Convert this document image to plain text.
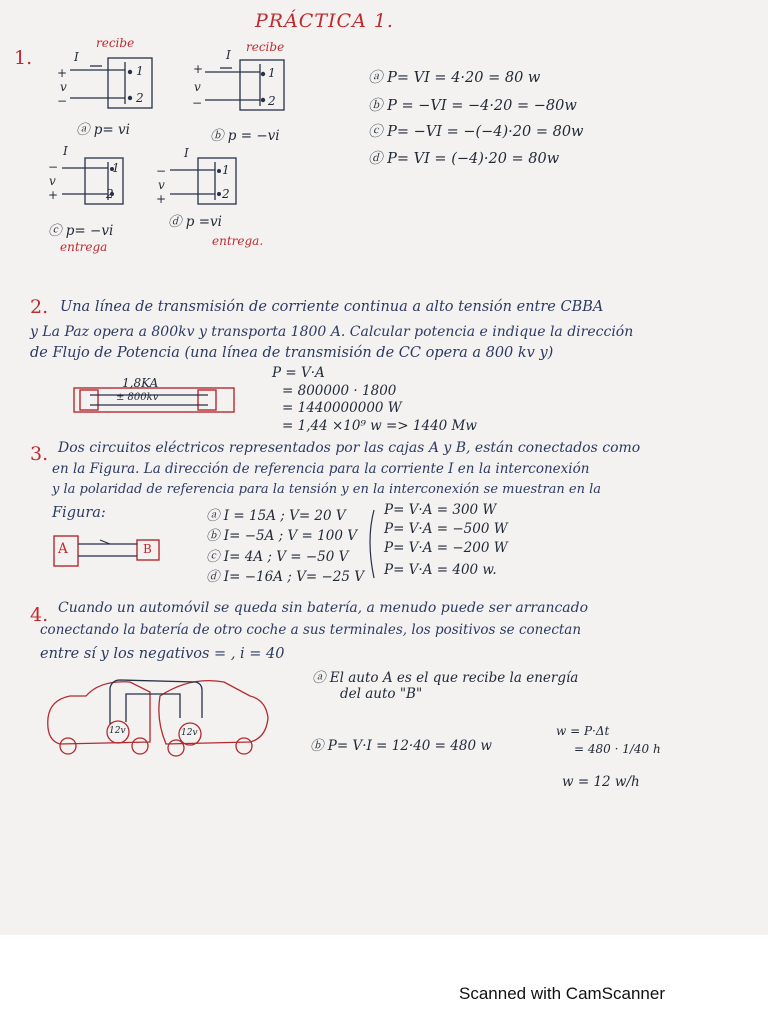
PRÁCTICA 1.
1.
recibe
I
+
v
−
1
2
ⓐ p= vi
recibe
I
+
v
−
1
2
ⓑ p = −vi
I
−
v
+
1
2
ⓒ p= −vi
entrega
I
−
v
+
1
2
ⓓ p =vi
entrega.
ⓐ P= VI = 4·20 = 80 w
ⓑ P = −VI = −4·20 = −80w
ⓒ P= −VI = −(−4)·20 = 80w
ⓓ P= VI = (−4)·20 = 80w
2. Una línea de transmisión de corriente continua a alto tensión entre CBBA
y La Paz opera a 800kv y transporta 1800 A. Calcular potencia e indique la dirección
de Flujo de Potencia (una línea de transmisión de CC opera a 800 kv y)
1,8KA
± 800kv
P = V·A
= 800000 · 1800
= 1440000000 W
= 1,44 ×10⁹ w => 1440 Mw
3. Dos circuitos eléctricos representados por las cajas A y B, están conectados como
en la Figura. La dirección de referencia para la corriente I en la interconexión
y la polaridad de referencia para la tensión y en la interconexión se muestran en la
Figura:
A	B
ⓐ I = 15A ; V= 20 V
ⓑ I= −5A ; V = 100 V
ⓒ I= 4A ; V = −50 V
ⓓ I= −16A ; V= −25 V
P= V·A = 300 W
P= V·A = −500 W
P= V·A = −200 W
P= V·A = 400 w.
4. Cuando un automóvil se queda sin batería, a menudo puede ser arrancado
conectando la batería de otro coche a sus terminales, los positivos se conectan
entre sí y los negativos = , i = 40
12v	12v
ⓐ El auto A es el que recibe la energía
del auto "B"
ⓑ P= V·I = 12·40 = 480 w
w = P·Δt
= 480 · 1/40 h
w = 12 w/h
Scanned with CamScanner
